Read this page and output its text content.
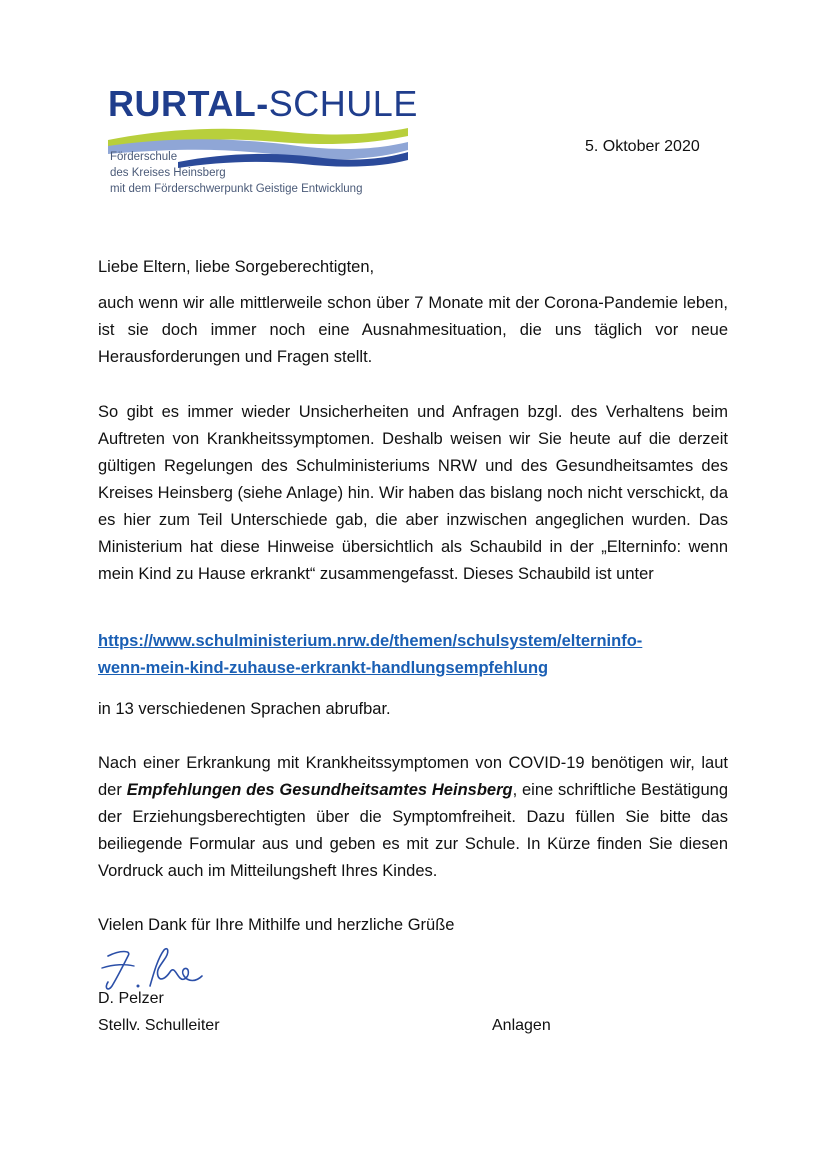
RURTAL-SCHULE
Förderschule
des Kreises Heinsberg
mit dem Förderschwerpunkt Geistige Entwicklung
5. Oktober 2020
Liebe Eltern, liebe Sorgeberechtigten,
auch wenn wir alle mittlerweile schon über 7 Monate mit der Corona-Pandemie leben, ist sie doch immer noch eine Ausnahmesituation, die uns täglich vor neue Herausforderungen und Fragen stellt.
So gibt es immer wieder Unsicherheiten und Anfragen bzgl. des Verhaltens beim Auftreten von Krankheitssymptomen. Deshalb weisen wir Sie heute auf die derzeit gültigen Regelungen des Schulministeriums NRW und des Gesundheitsamtes des Kreises Heinsberg (siehe Anlage) hin. Wir haben das bislang noch nicht verschickt, da es hier zum Teil Unterschiede gab, die aber inzwischen angeglichen wurden. Das Ministerium hat diese Hinweise übersichtlich als Schaubild in der „Elterninfo: wenn mein Kind zu Hause erkrankt“ zusammengefasst. Dieses Schaubild ist unter
https://www.schulministerium.nrw.de/themen/schulsystem/elterninfo-
wenn-mein-kind-zuhause-erkrankt-handlungsempfehlung
in 13 verschiedenen Sprachen abrufbar.
Nach einer Erkrankung mit Krankheitssymptomen von COVID-19 benötigen wir, laut der Empfehlungen des Gesundheitsamtes Heinsberg, eine schriftliche Bestätigung der Erziehungsberechtigten über die Symptomfreiheit. Dazu füllen Sie bitte das beiliegende Formular aus und geben es mit zur Schule. In Kürze finden Sie diesen Vordruck auch im Mitteilungsheft Ihres Kindes.
Vielen Dank für Ihre Mithilfe und herzliche Grüße
D. Pelzer
Stellv. Schulleiter	Anlagen
